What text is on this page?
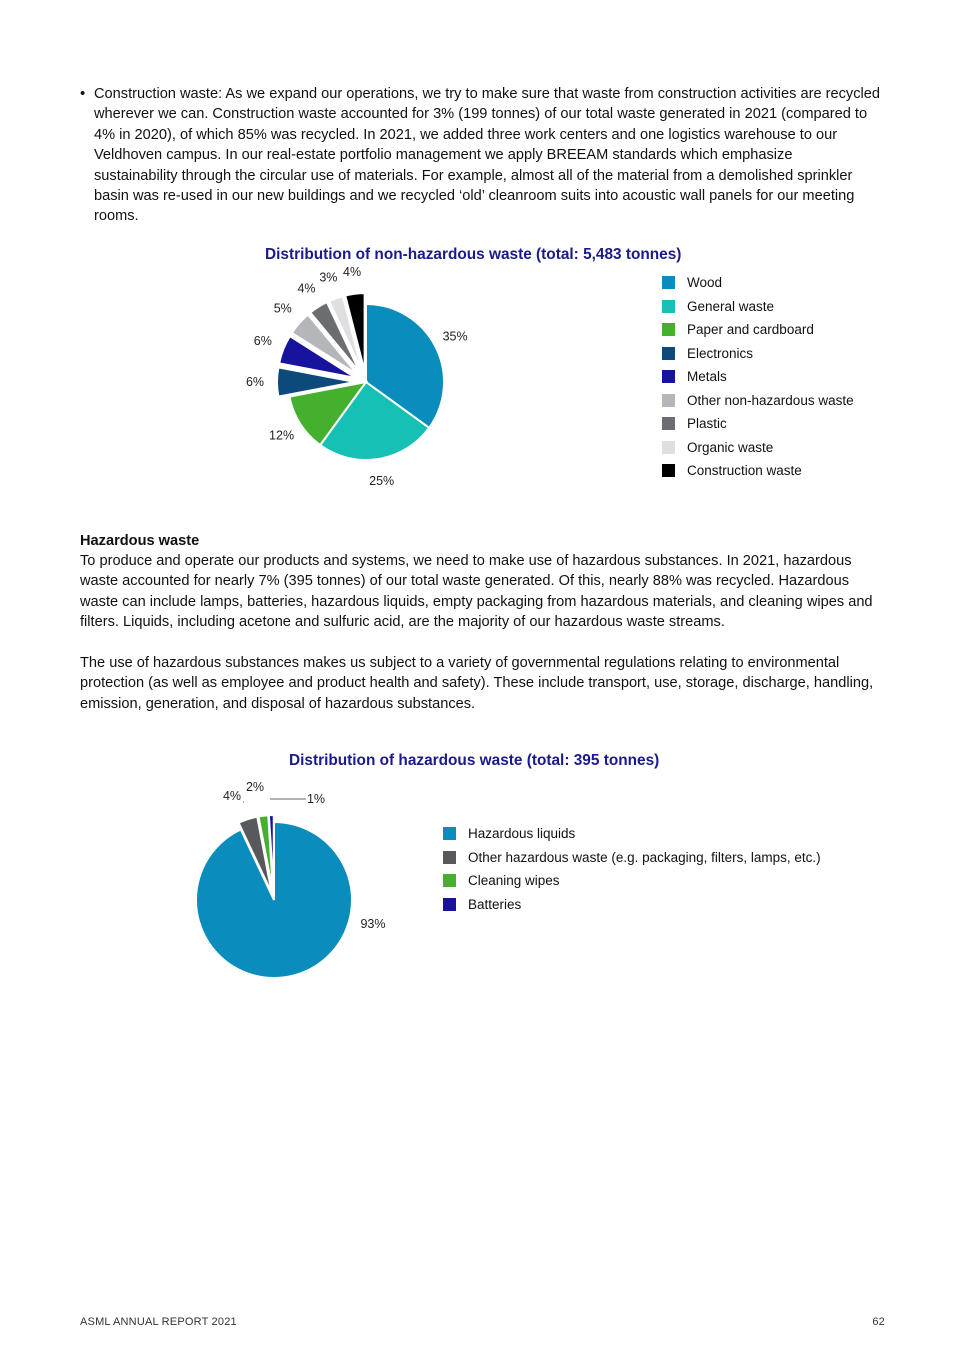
• Construction waste: As we expand our operations, we try to make sure that waste from construction activities are recycled wherever we can. Construction waste accounted for 3% (199 tonnes) of our total waste generated in 2021 (compared to 4% in 2020), of which 85% was recycled. In 2021, we added three work centers and one logistics warehouse to our Veldhoven campus. In our real-estate portfolio management we apply BREEAM standards which emphasize sustainability through the circular use of materials. For example, almost all of the material from a demolished sprinkler basin was re-used in our new buildings and we recycled ‘old’ cleanroom suits into acoustic wall panels for our meeting rooms.

Distribution of non-hazardous waste (total: 5,483 tonnes)
35%
25%
12%
6%
6%
5%
4%
3% 4%
Wood
General waste
Paper and cardboard
Electronics
Metals
Other non-hazardous waste
Plastic
Organic waste
Construction waste
Hazardous waste

To produce and operate our products and systems, we need to make use of hazardous substances. In 2021, hazardous waste accounted for nearly 7% (395 tonnes) of our total waste generated. Of this, nearly 88% was recycled. Hazardous waste can include lamps, batteries, hazardous liquids, empty packaging from hazardous materials, and cleaning wipes and filters. Liquids, including acetone and sulfuric acid, are the majority of our hazardous waste streams.

The use of hazardous substances makes us subject to a variety of governmental regulations relating to environmental protection (as well as employee and product health and safety). These include transport, use, storage, discharge, handling, emission, generation, and disposal of hazardous substances.

Distribution of hazardous waste (total: 395 tonnes)
93%
4%
2%
1%
Hazardous liquids
Other hazardous waste (e.g. packaging, filters, lamps, etc.)
Cleaning wipes
Batteries
ASML ANNUAL REPORT 2021	62
